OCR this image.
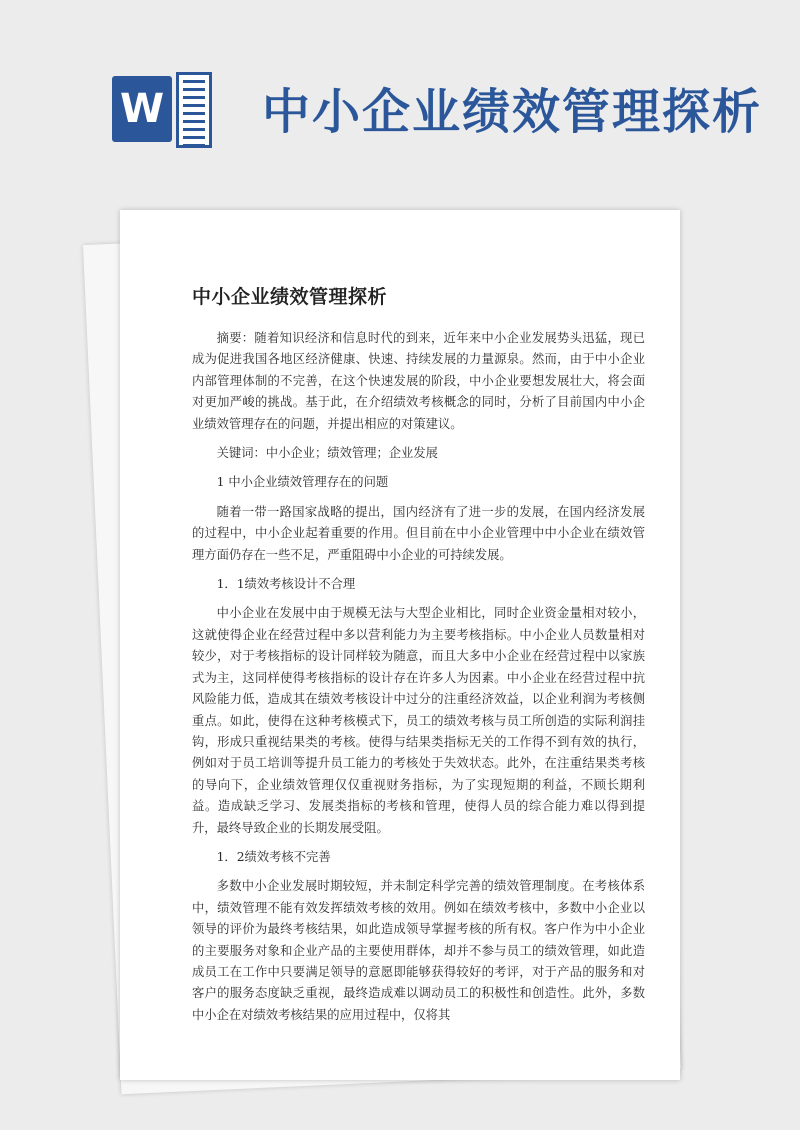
W 中小企业绩效管理探析
中小企业绩效管理探析

摘要：随着知识经济和信息时代的到来，近年来中小企业发展势头迅猛，现已成为促进我国各地区经济健康、快速、持续发展的力量源泉。然而，由于中小企业内部管理体制的不完善，在这个快速发展的阶段，中小企业要想发展壮大，将会面对更加严峻的挑战。基于此，在介绍绩效考核概念的同时，分析了目前国内中小企业绩效管理存在的问题，并提出相应的对策建议。

关键词：中小企业；绩效管理；企业发展

1 中小企业绩效管理存在的问题

随着一带一路国家战略的提出，国内经济有了进一步的发展，在国内经济发展的过程中，中小企业起着重要的作用。但目前在中小企业管理中中小企业在绩效管理方面仍存在一些不足，严重阻碍中小企业的可持续发展。

1．1绩效考核设计不合理

中小企业在发展中由于规模无法与大型企业相比，同时企业资金量相对较小，这就使得企业在经营过程中多以营利能力为主要考核指标。中小企业人员数量相对较少，对于考核指标的设计同样较为随意，而且大多中小企业在经营过程中以家族式为主，这同样使得考核指标的设计存在许多人为因素。中小企业在经营过程中抗风险能力低，造成其在绩效考核设计中过分的注重经济效益，以企业利润为考核侧重点。如此，使得在这种考核模式下，员工的绩效考核与员工所创造的实际利润挂钩，形成只重视结果类的考核。使得与结果类指标无关的工作得不到有效的执行，例如对于员工培训等提升员工能力的考核处于失效状态。此外，在注重结果类考核的导向下，企业绩效管理仅仅重视财务指标，为了实现短期的利益，不顾长期利益。造成缺乏学习、发展类指标的考核和管理，使得人员的综合能力难以得到提升，最终导致企业的长期发展受阻。

1．2绩效考核不完善

多数中小企业发展时期较短，并未制定科学完善的绩效管理制度。在考核体系中，绩效管理不能有效发挥绩效考核的效用。例如在绩效考核中，多数中小企业以领导的评价为最终考核结果，如此造成领导掌握考核的所有权。客户作为中小企业的主要服务对象和企业产品的主要使用群体，却并不参与员工的绩效管理，如此造成员工在工作中只要满足领导的意愿即能够获得较好的考评，对于产品的服务和对客户的服务态度缺乏重视，最终造成难以调动员工的积极性和创造性。此外，多数中小企在对绩效考核结果的应用过程中，仅将其
